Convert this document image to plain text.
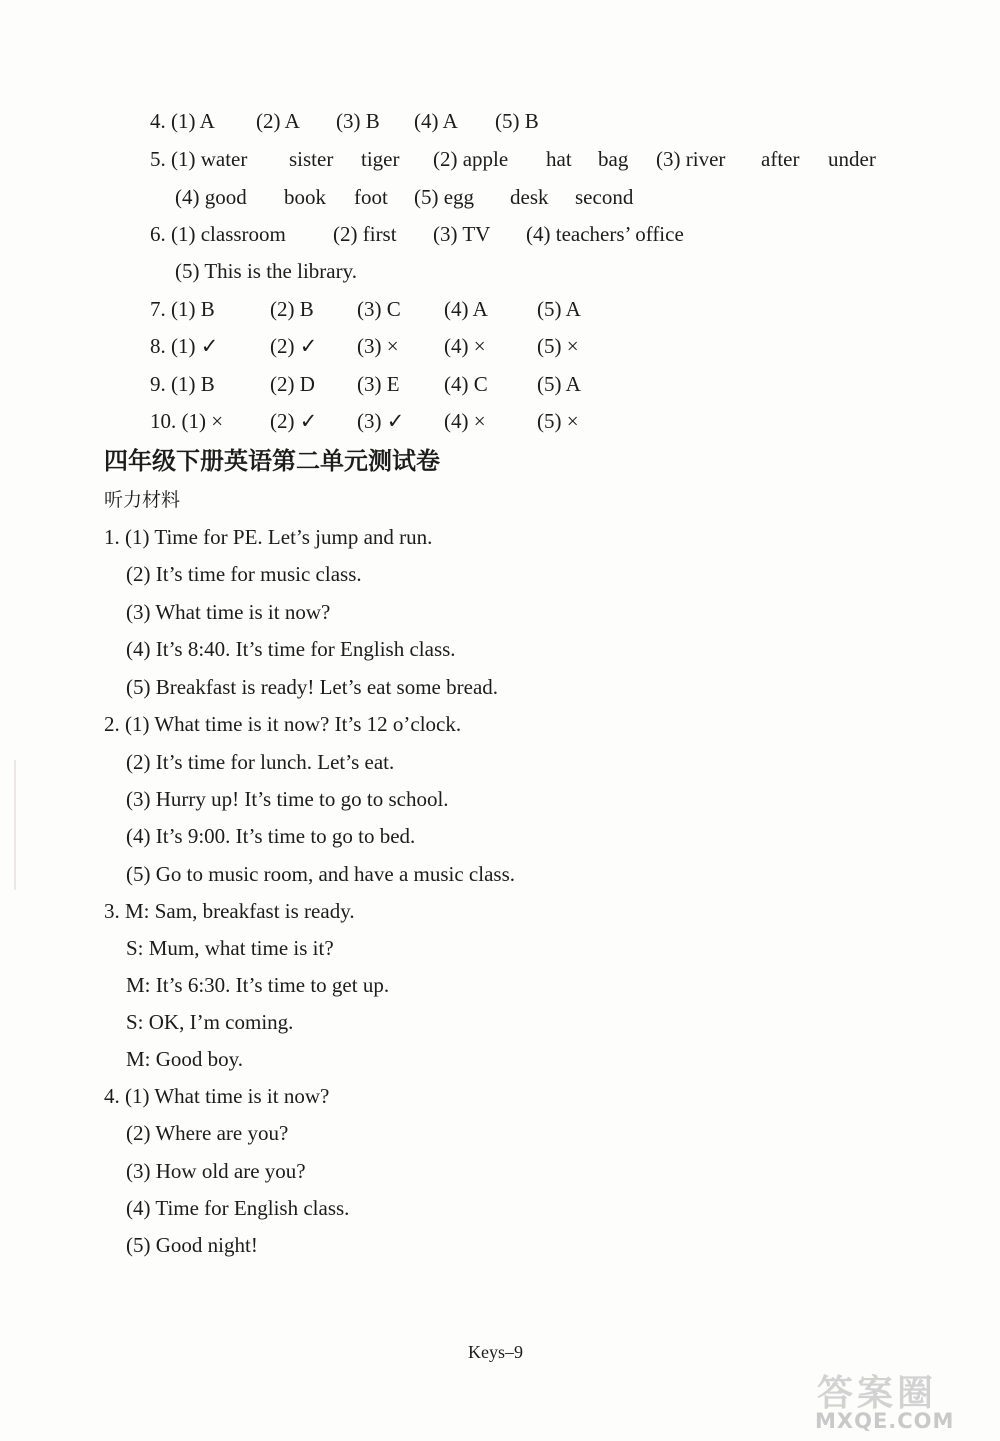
4. (1) A

(2) A

(3) B

(4) A

(5) B

5. (1) water

sister

tiger

(2) apple

hat

bag

(3) river

after

under

(4) good

book

foot

(5) egg

desk

second

6. (1) classroom

(2) first

(3) TV

(4) teachers’ office

(5) This is the library.

7. (1) B

	(2) B

(3) C

(4) A

(5) A

8. (1) ✓

(2) ✓

(3) ×

(4) ×

(5) ×

9. (1) B

	(2) D

(3) E

(4) C

(5) A

10. (1) ×

(2) ✓

(3) ✓

(4) ×

(5) ×

四年级下册英语第二单元测试卷
听力材料
1. (1) Time for PE. Let’s jump and run.
(2) It’s time for music class.
(3) What time is it now?
(4) It’s 8:40. It’s time for English class.
(5) Breakfast is ready! Let’s eat some bread.
2. (1) What time is it now? It’s 12 o’clock.
(2) It’s time for lunch. Let’s eat.
(3) Hurry up! It’s time to go to school.
(4) It’s 9:00. It’s time to go to bed.
(5) Go to music room, and have a music class.
3. M: Sam, breakfast is ready.
S: Mum, what time is it?
M: It’s 6:30. It’s time to get up.
S: OK, I’m coming.
M: Good boy.
4. (1) What time is it now?
(2) Where are you?
(3) How old are you?
(4) Time for English class.
(5) Good night!
Keys–9
答案圈
MXQE.COM
